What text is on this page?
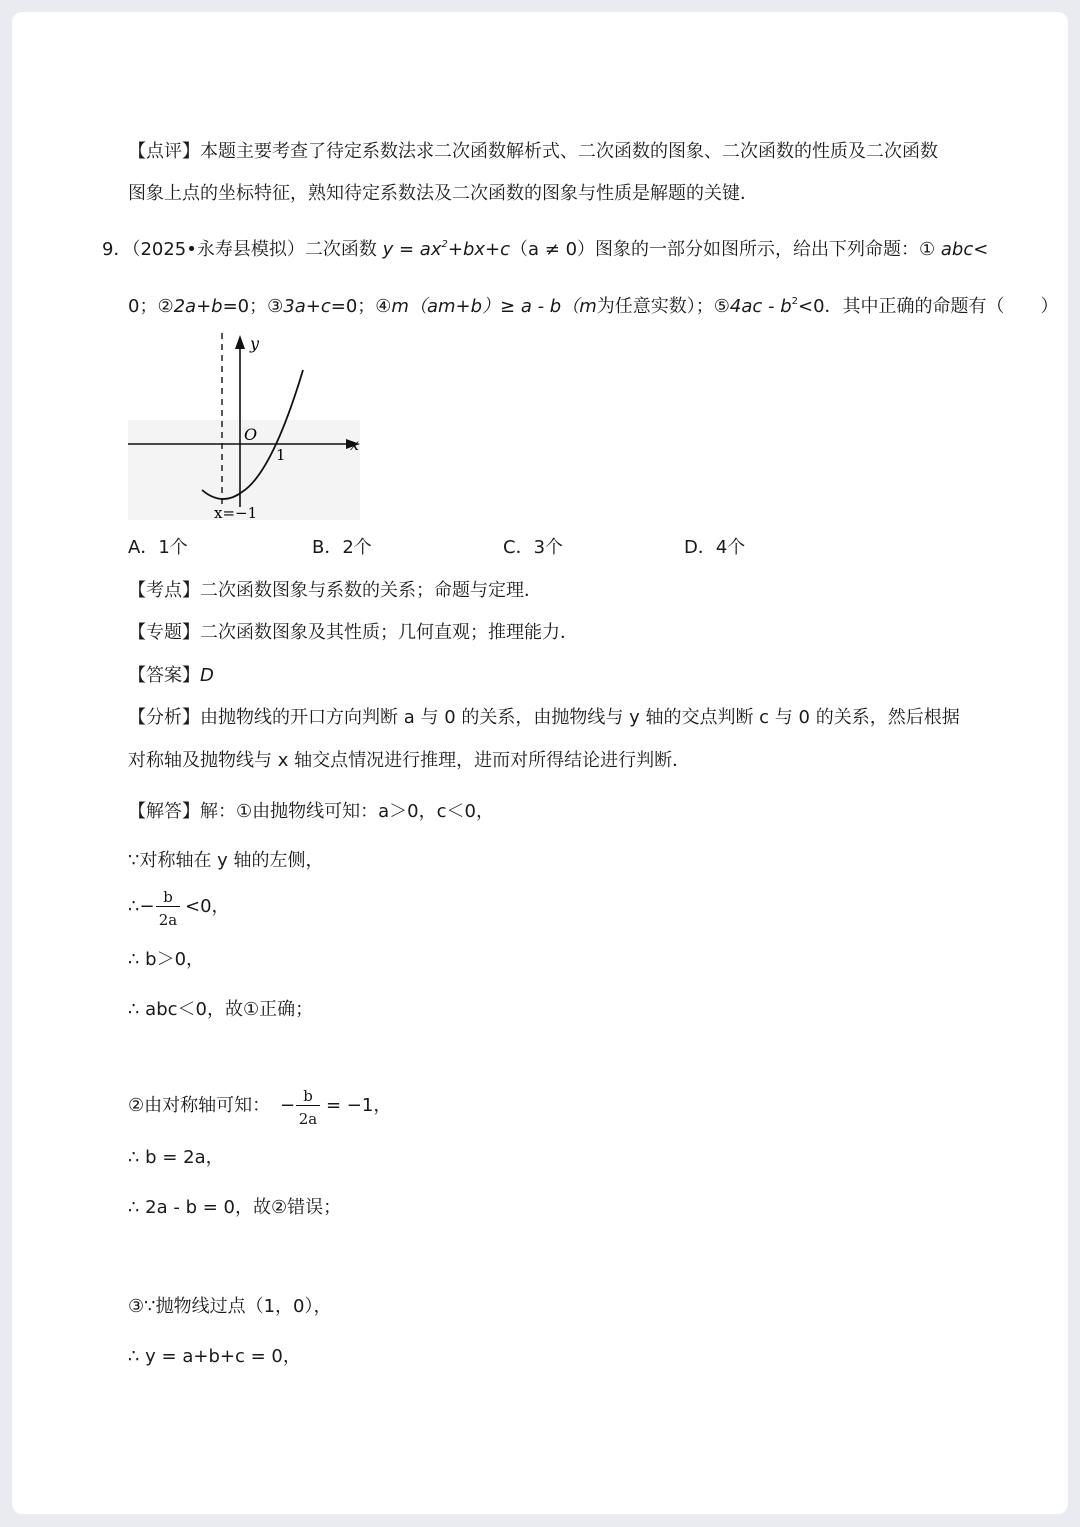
【点评】本题主要考查了待定系数法求二次函数解析式、二次函数的图象、二次函数的性质及二次函数
图象上点的坐标特征，熟知待定系数法及二次函数的图象与性质是解题的关键．
9．（2025•永寿县模拟）二次函数 $y = ax^2+bx+c(a \ne 0)$图象的一部分如图所示，给出下列命题：① abc<
0；②2a+b=0；③3a+c=0；④m（am+b）≥ a - b（m为任意实数）；⑤4ac - $b^2<0$．其中正确的命题有（　　）
y
x
O
1
x=−1
A．1个	B．2个	C．3个	D．4个
【考点】二次函数图象与系数的关系；命题与定理．
【专题】二次函数图象及其性质；几何直观；推理能力．
【答案】D
【分析】由抛物线的开口方向判断 a 与 0 的关系，由抛物线与 y 轴的交点判断 c 与 0 的关系，然后根据
对称轴及抛物线与 x 轴交点情况进行推理，进而对所得结论进行判断．
【解答】解：①由抛物线可知：a＞0，c＜0，
∵对称轴在 y 轴的左侧，
∴− b
2a
<0，
∴ b＞0，
∴ abc＜0，故①正确；
②由对称轴可知： − b
2a
= −1，
∴ b = 2a，
∴ 2a - b = 0，故②错误；
③∵抛物线过点（1，0），
∴ y = a+b+c = 0，
